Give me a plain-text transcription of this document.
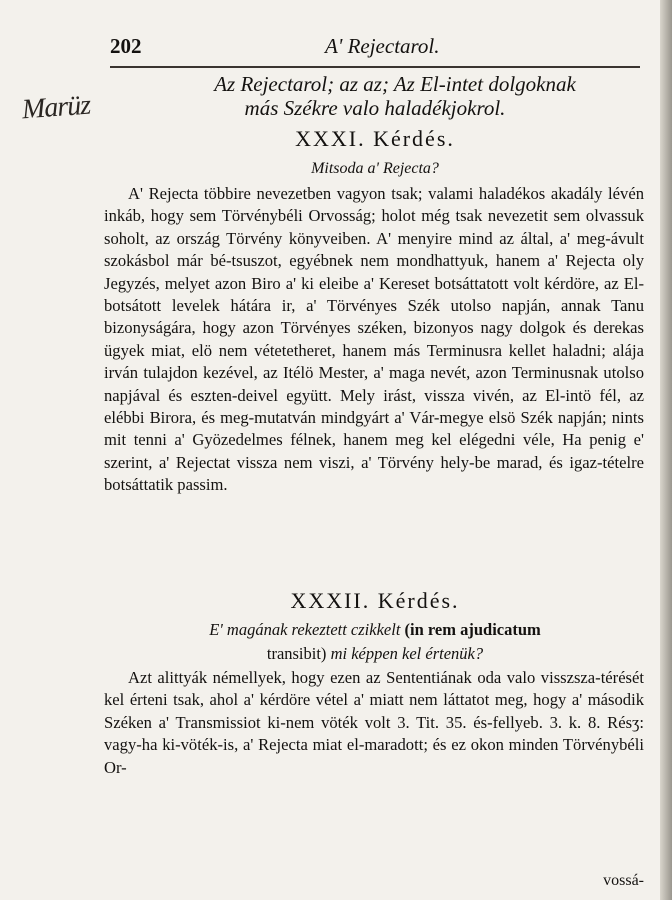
Marüz
202	A' Rejectarol.
Az Rejectarol; az az; Az El-intet dolgoknak

más Székre valo haladékjokrol.
XXXI. Kérdés.
Mitsoda a' Rejecta?

A' Rejecta többire nevezetben vagyon tsak; valami haladékos akadály lévén inkáb, hogy sem Törvénybéli Orvosság; holot még tsak nevezetit sem olvassuk soholt, az ország Törvény könyveiben. A' menyire mind az által, a' meg-ávult szokásbol már bé-tsuszot, egyébnek nem mondhattyuk, hanem a' Rejecta oly Jegyzés, melyet azon Biro a' ki eleibe a' Kereset botsáttatott volt kérdöre, az El-botsátott levelek hátára ir, a' Törvényes Szék utolso napján, annak Tanu bizonyságára, hogy azon Törvényes széken, bizonyos nagy dolgok és derekas ügyek miat, elö nem vétetetheret, hanem más Terminusra kellet haladni; alája irván tulajdon kezével, az Itélö Mester, a' maga nevét, azon Terminusnak utolso napjával és eszten-deivel együtt. Mely irást, vissza vivén, az El-intö fél, az elébbi Birora, és meg-mutatván mindgyárt a' Vár-megye elsö Szék napján; nints mit tenni a' Gyözedelmes félnek, hanem meg kel elégedni véle, Ha penig e' szerint, a' Rejectat vissza nem viszi, a' Törvény hely-be marad, és igaz-tételre botsáttatik passim.

XXXII. Kérdés.
E' magának rekeztett czikkelt (in rem ajudicatum
transibit) mi képpen kel értenük?

Azt alittyák némellyek, hogy ezen az Sententiának oda valo visszsza-térését kel érteni tsak, ahol a' kérdöre vétel a' miatt nem láttatot meg, hogy a' második Széken a' Transmissiot ki-nem vöték volt 3. Tit. 35. és-fellyeb. 3. k. 8. Résʒ: vagy-ha ki-vöték-is, a' Rejecta miat el-maradott; és ez okon minden Törvénybéli Or-

vossá-
